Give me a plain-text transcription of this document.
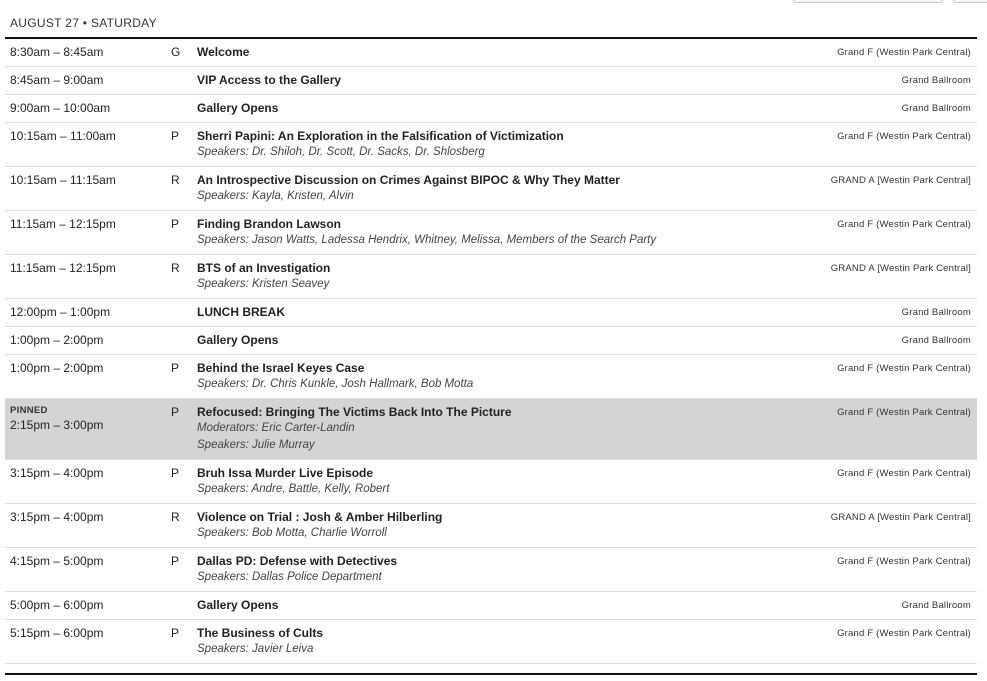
AUGUST 27 • SATURDAY
8:30am – 8:45am	G Welcome	Grand F (Westin Park Central)
8:45am – 9:00am	VIP Access to the Gallery	Grand Ballroom
9:00am – 10:00am	Gallery Opens	Grand Ballroom
10:15am – 11:00am	P Sherri Papini: An Exploration in the Falsification of Victimization
Speakers: Dr. Shiloh, Dr. Scott, Dr. Sacks, Dr. Shlosberg
Grand F (Westin Park Central)
10:15am – 11:15am	R An Introspective Discussion on Crimes Against BIPOC & Why They Matter
Speakers: Kayla, Kristen, Alvin
GRAND A [Westin Park Central]
11:15am – 12:15pm	P Finding Brandon Lawson
Speakers: Jason Watts, Ladessa Hendrix, Whitney, Melissa, Members of the Search Party
Grand F (Westin Park Central)
11:15am – 12:15pm	R BTS of an Investigation
Speakers: Kristen Seavey
GRAND A [Westin Park Central]
12:00pm – 1:00pm	LUNCH BREAK	Grand Ballroom
1:00pm – 2:00pm	Gallery Opens	Grand Ballroom
1:00pm – 2:00pm	P Behind the Israel Keyes Case
Speakers: Dr. Chris Kunkle, Josh Hallmark, Bob Motta
Grand F (Westin Park Central)
PINNED
2:15pm – 3:00pm
P Refocused: Bringing The Victims Back Into The Picture
Moderators: Eric Carter-Landin
Speakers: Julie Murray
Grand F (Westin Park Central)
3:15pm – 4:00pm	P Bruh Issa Murder Live Episode
Speakers: Andre, Battle, Kelly, Robert
Grand F (Westin Park Central)
3:15pm – 4:00pm	R Violence on Trial : Josh & Amber Hilberling
Speakers: Bob Motta, Charlie Worroll
GRAND A [Westin Park Central]
4:15pm – 5:00pm	P Dallas PD: Defense with Detectives
Speakers: Dallas Police Department
Grand F (Westin Park Central)
5:00pm – 6:00pm	Gallery Opens	Grand Ballroom
5:15pm – 6:00pm	P The Business of Cults
Speakers: Javier Leiva
Grand F (Westin Park Central)
